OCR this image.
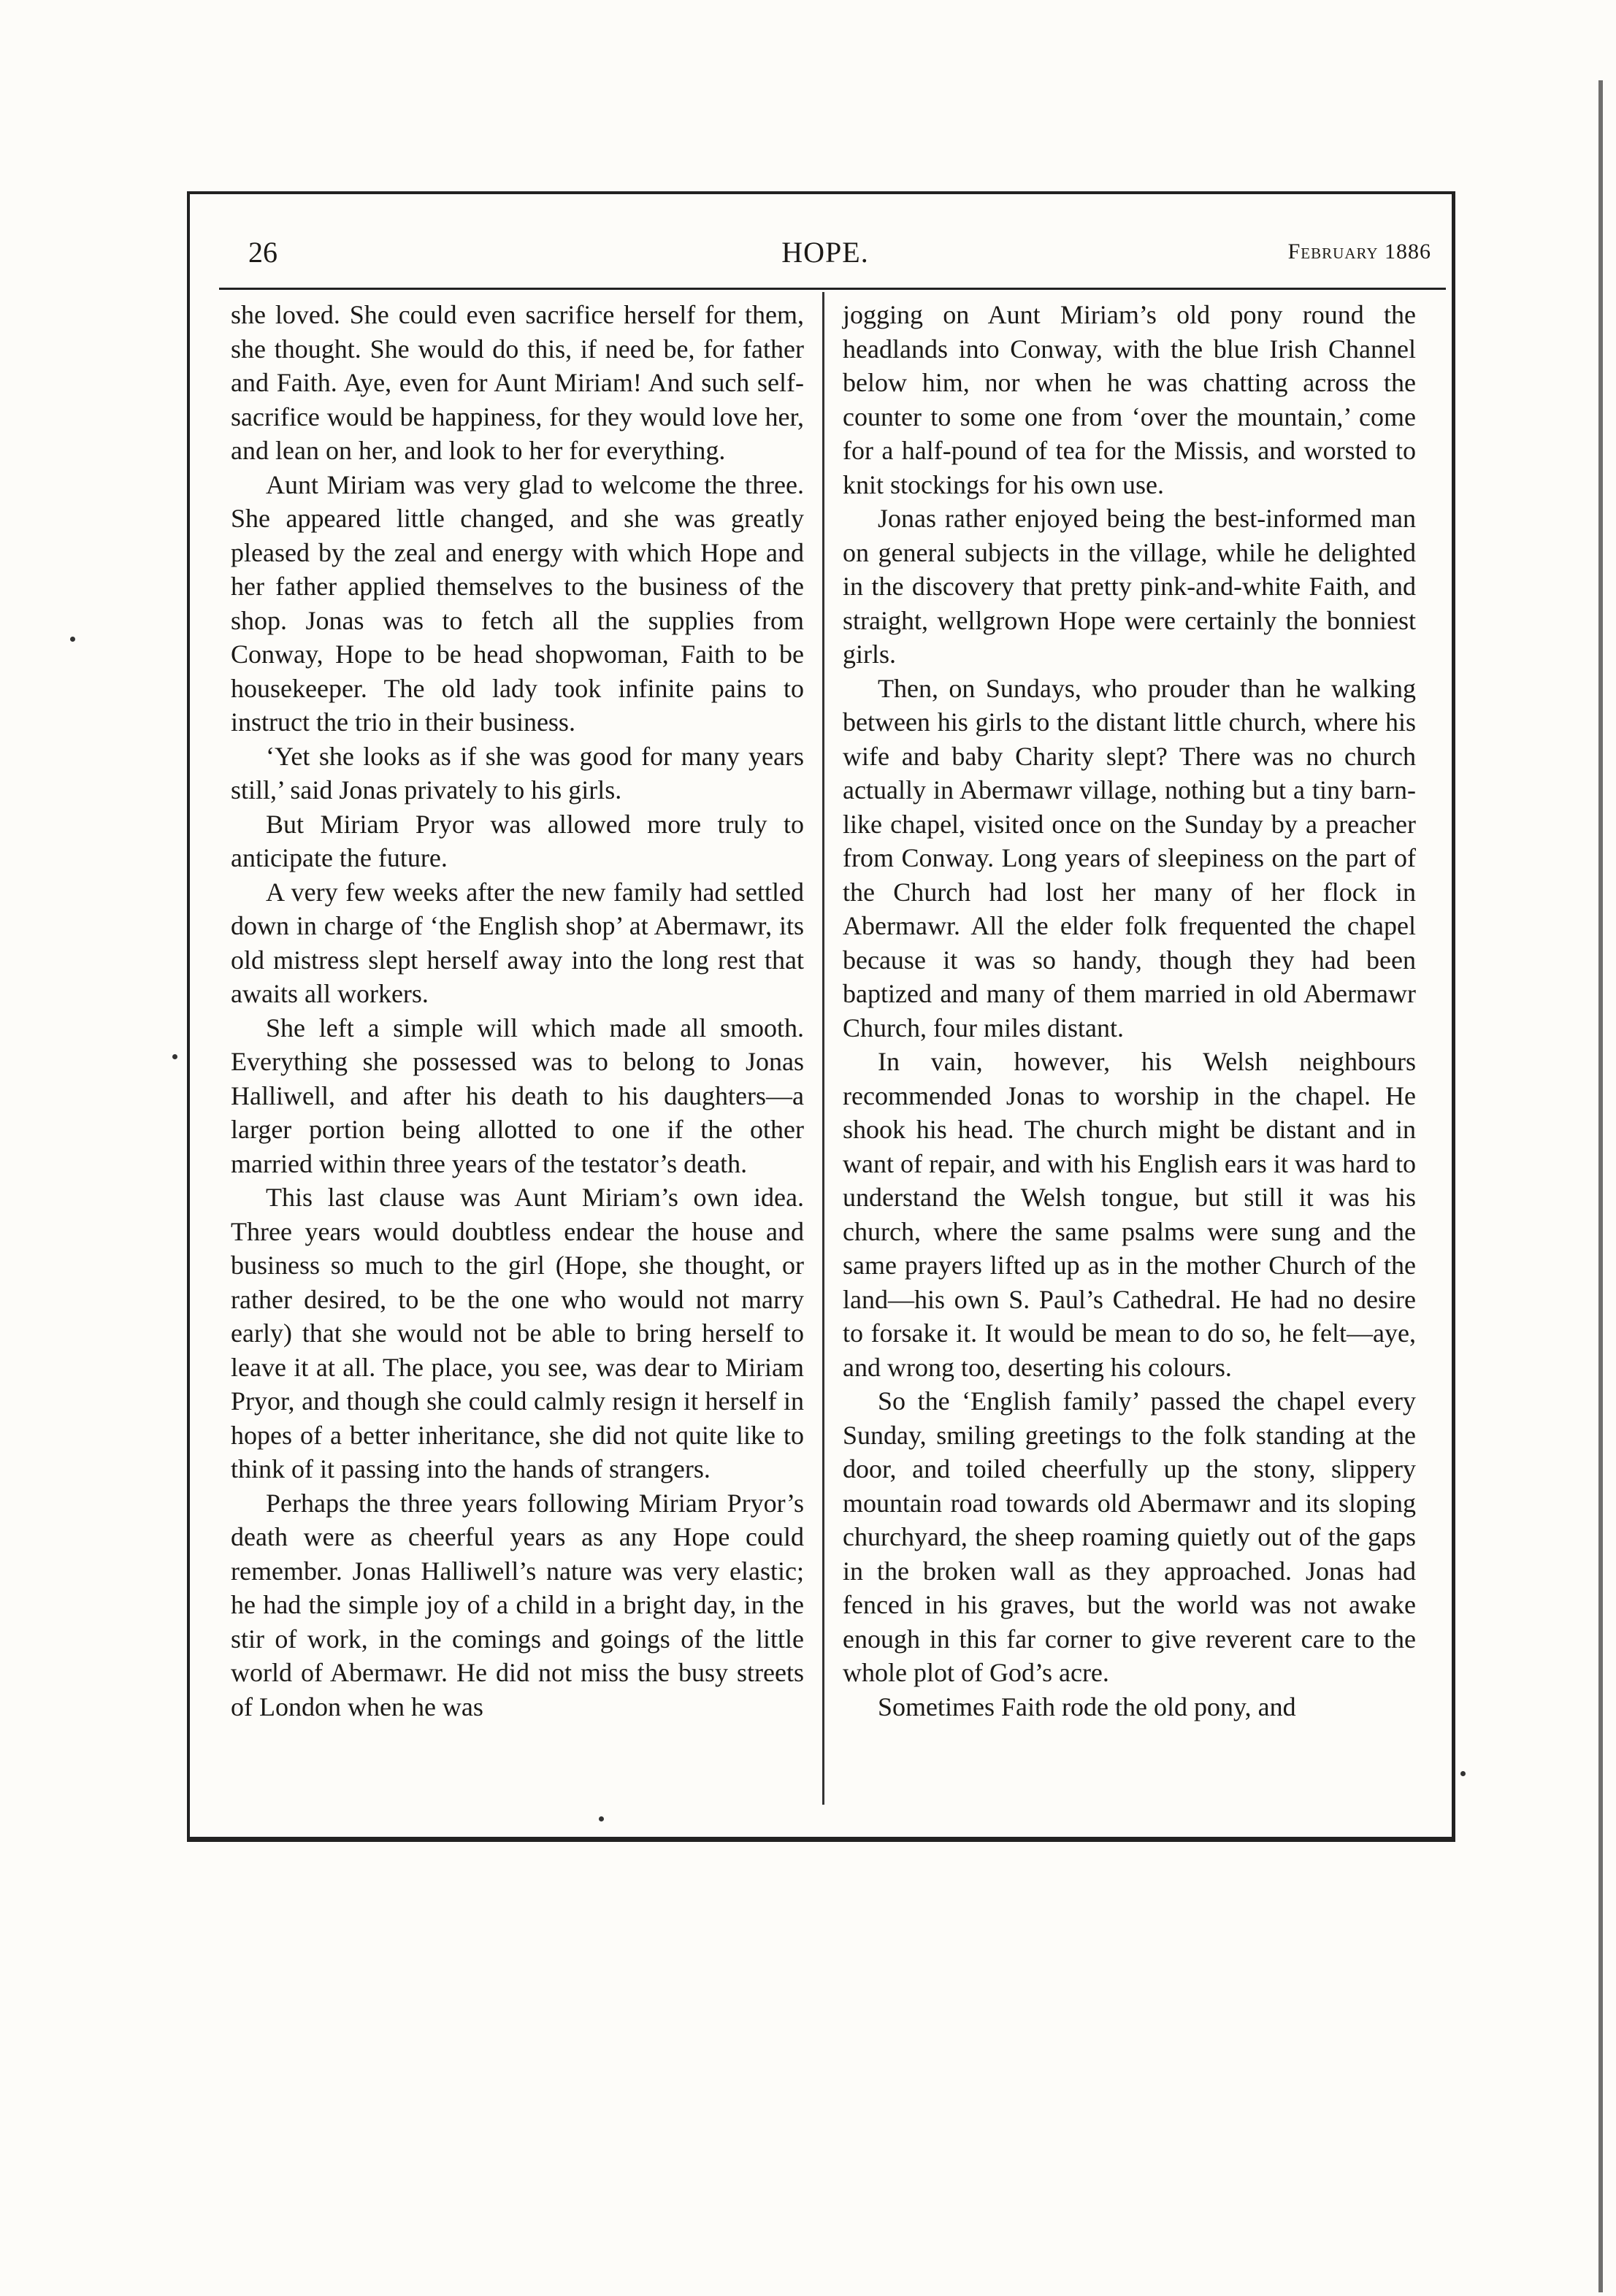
26	HOPE.	February 1886

she loved. She could even sacrifice herself for them, she thought. She would do this, if need be, for father and Faith. Aye, even for Aunt Miriam! And such self-sacrifice would be happiness, for they would love her, and lean on her, and look to her for everything.

Aunt Miriam was very glad to welcome the three. She appeared little changed, and she was greatly pleased by the zeal and energy with which Hope and her father applied themselves to the business of the shop. Jonas was to fetch all the supplies from Conway, Hope to be head shopwoman, Faith to be housekeeper. The old lady took infinite pains to instruct the trio in their business.

‘Yet she looks as if she was good for many years still,’ said Jonas privately to his girls.

But Miriam Pryor was allowed more truly to anticipate the future.

A very few weeks after the new family had settled down in charge of ‘the English shop’ at Abermawr, its old mistress slept herself away into the long rest that awaits all workers.

She left a simple will which made all smooth. Everything she possessed was to belong to Jonas Halliwell, and after his death to his daughters—a larger portion being allotted to one if the other married within three years of the testator’s death.

This last clause was Aunt Miriam’s own idea. Three years would doubtless endear the house and business so much to the girl (Hope, she thought, or rather desired, to be the one who would not marry early) that she would not be able to bring herself to leave it at all. The place, you see, was dear to Miriam Pryor, and though she could calmly resign it herself in hopes of a better inheritance, she did not quite like to think of it passing into the hands of strangers.

Perhaps the three years following Miriam Pryor’s death were as cheerful years as any Hope could remember. Jonas Halliwell’s nature was very elastic; he had the simple joy of a child in a bright day, in the stir of work, in the comings and goings of the little world of Abermawr. He did not miss the busy streets of London when he was

jogging on Aunt Miriam’s old pony round the headlands into Conway, with the blue Irish Channel below him, nor when he was chatting across the counter to some one from ‘over the mountain,’ come for a half-pound of tea for the Missis, and worsted to knit stockings for his own use.

Jonas rather enjoyed being the best-informed man on general subjects in the village, while he delighted in the discovery that pretty pink-and-white Faith, and straight, wellgrown Hope were certainly the bonniest girls.

Then, on Sundays, who prouder than he walking between his girls to the distant little church, where his wife and baby Charity slept? There was no church actually in Abermawr village, nothing but a tiny barn-like chapel, visited once on the Sunday by a preacher from Conway. Long years of sleepiness on the part of the Church had lost her many of her flock in Abermawr. All the elder folk frequented the chapel because it was so handy, though they had been baptized and many of them married in old Abermawr Church, four miles distant.

In vain, however, his Welsh neighbours recommended Jonas to worship in the chapel. He shook his head. The church might be distant and in want of repair, and with his English ears it was hard to understand the Welsh tongue, but still it was his church, where the same psalms were sung and the same prayers lifted up as in the mother Church of the land—his own S. Paul’s Cathedral. He had no desire to forsake it. It would be mean to do so, he felt—aye, and wrong too, deserting his colours.

So the ‘English family’ passed the chapel every Sunday, smiling greetings to the folk standing at the door, and toiled cheerfully up the stony, slippery mountain road towards old Abermawr and its sloping churchyard, the sheep roaming quietly out of the gaps in the broken wall as they approached. Jonas had fenced in his graves, but the world was not awake enough in this far corner to give reverent care to the whole plot of God’s acre.

Sometimes Faith rode the old pony, and
